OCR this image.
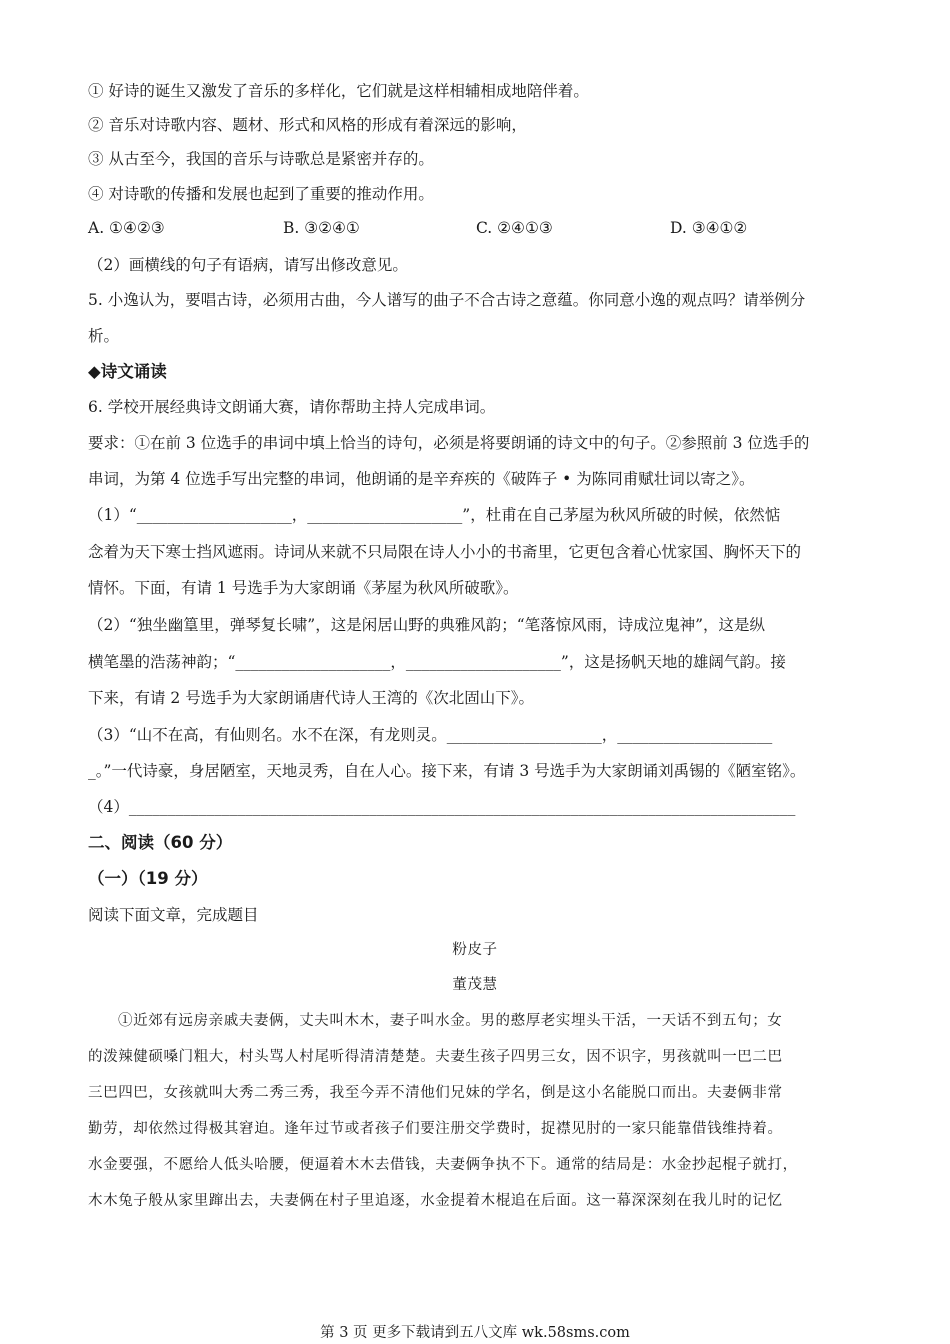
① 好诗的诞生又激发了音乐的多样化，它们就是这样相辅相成地陪伴着。
② 音乐对诗歌内容、题材、形式和风格的形成有着深远的影响，
③ 从古至今，我国的音乐与诗歌总是紧密并存的。
④ 对诗歌的传播和发展也起到了重要的推动作用。
A. ①④②③	B. ③②④①	C. ②④①③	D. ③④①②
（2）画横线的句子有语病，请写出修改意见。
5. 小逸认为，要唱古诗，必须用古曲，今人谱写的曲子不合古诗之意蕴。你同意小逸的观点吗？请举例分
析。
◆诗文诵读
6. 学校开展经典诗文朗诵大赛，请你帮助主持人完成串词。
要求：①在前 3 位选手的串词中填上恰当的诗句，必须是将要朗诵的诗文中的句子。②参照前 3 位选手的
串词，为第 4 位选手写出完整的串词，他朗诵的是辛弃疾的《破阵子 • 为陈同甫赋壮词以寄之》。
（1）“____________________，____________________”，杜甫在自己茅屋为秋风所破的时候，依然惦
念着为天下寒士挡风遮雨。诗词从来就不只局限在诗人小小的书斋里，它更包含着心忧家国、胸怀天下的
情怀。下面，有请 1 号选手为大家朗诵《茅屋为秋风所破歌》。
（2）“独坐幽篁里，弹琴复长啸”，这是闲居山野的典雅风韵；“笔落惊风雨，诗成泣鬼神”，这是纵
横笔墨的浩荡神韵；“____________________，____________________”，这是扬帆天地的雄阔气韵。接
下来，有请 2 号选手为大家朗诵唐代诗人王湾的《次北固山下》。
（3）“山不在高，有仙则名。水不在深，有龙则灵。____________________，____________________
_。”一代诗豪，身居陋室，天地灵秀，自在人心。接下来，有请 3 号选手为大家朗诵刘禹锡的《陋室铭》。
（4）______________________________________________________________________________________
二、阅读（60 分）
（一）（19 分）
阅读下面文章，完成题目
粉皮子
董茂慧
①近郊有远房亲戚夫妻俩，丈夫叫木木，妻子叫水金。男的憨厚老实埋头干活，一天话不到五句；女
的泼辣健硕嗓门粗大，村头骂人村尾听得清清楚楚。夫妻生孩子四男三女，因不识字，男孩就叫一巴二巴
三巴四巴，女孩就叫大秀二秀三秀，我至今弄不清他们兄妹的学名，倒是这小名能脱口而出。夫妻俩非常
勤劳，却依然过得极其窘迫。逢年过节或者孩子们要注册交学费时，捉襟见肘的一家只能靠借钱维持着。
水金要强，不愿给人低头哈腰，便逼着木木去借钱，夫妻俩争执不下。通常的结局是：水金抄起棍子就打，
木木兔子般从家里蹿出去，夫妻俩在村子里追逐，水金提着木棍追在后面。这一幕深深刻在我儿时的记忆
第 3 页 更多下载请到五八文库 wk.58sms.com
